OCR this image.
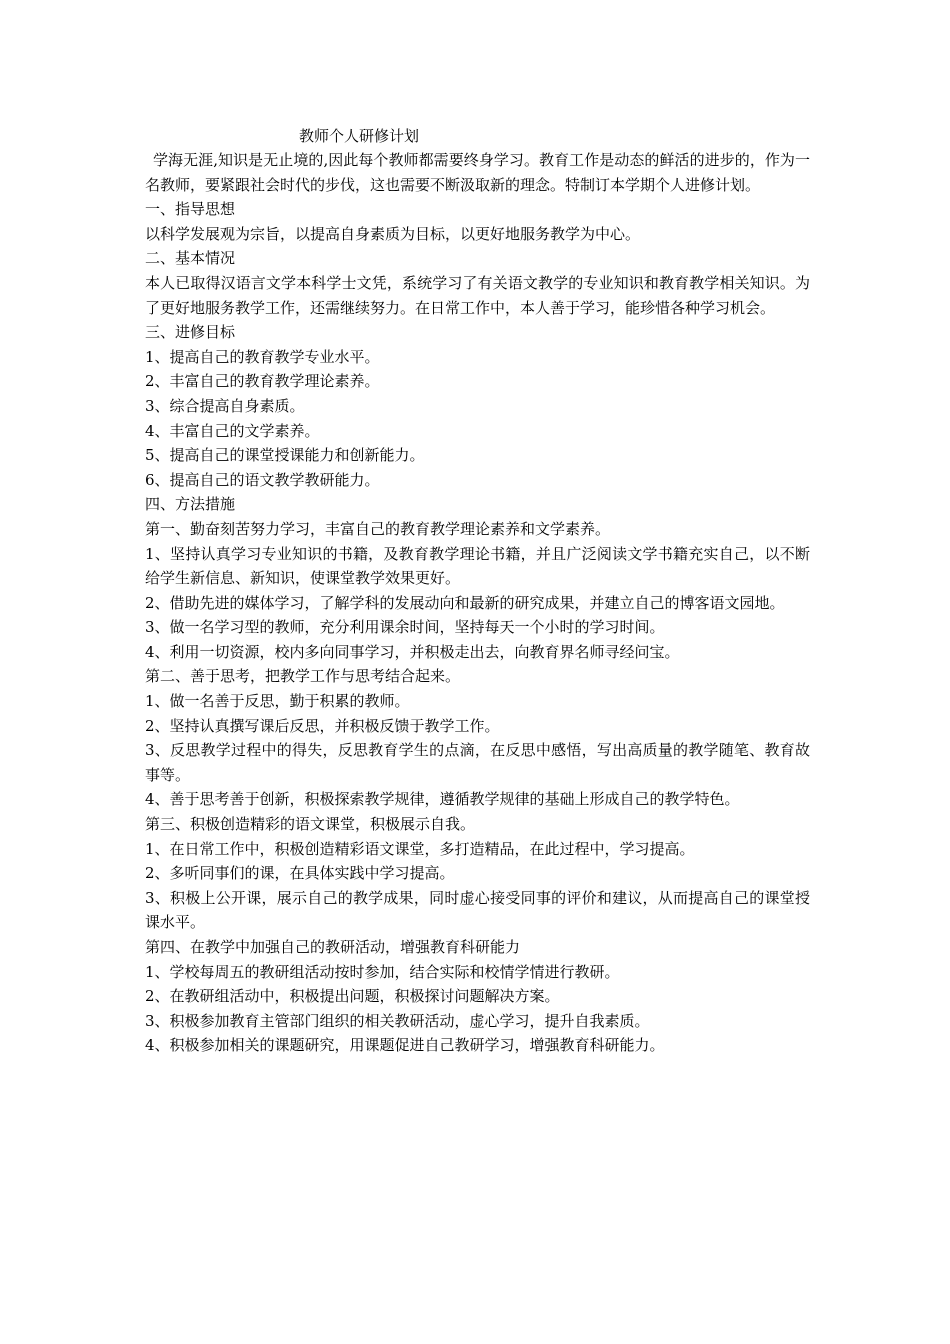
教师个人研修计划

学海无涯,知识是无止境的,因此每个教师都需要终身学习。教育工作是动态的鲜活的进步的，作为一名教师，要紧跟社会时代的步伐，这也需要不断汲取新的理念。特制订本学期个人进修计划。

一、指导思想

以科学发展观为宗旨，以提高自身素质为目标，以更好地服务教学为中心。

二、基本情况

本人已取得汉语言文学本科学士文凭，系统学习了有关语文教学的专业知识和教育教学相关知识。为了更好地服务教学工作，还需继续努力。在日常工作中，本人善于学习，能珍惜各种学习机会。

三、进修目标

1、提高自己的教育教学专业水平。

2、丰富自己的教育教学理论素养。

3、综合提高自身素质。

4、丰富自己的文学素养。

5、提高自己的课堂授课能力和创新能力。

6、提高自己的语文教学教研能力。

四、方法措施

第一、勤奋刻苦努力学习，丰富自己的教育教学理论素养和文学素养。

1、坚持认真学习专业知识的书籍，及教育教学理论书籍，并且广泛阅读文学书籍充实自己，以不断给学生新信息、新知识，使课堂教学效果更好。

2、借助先进的媒体学习，了解学科的发展动向和最新的研究成果，并建立自己的博客语文园地。

3、做一名学习型的教师，充分利用课余时间，坚持每天一个小时的学习时间。

4、利用一切资源，校内多向同事学习，并积极走出去，向教育界名师寻经问宝。

第二、善于思考，把教学工作与思考结合起来。

1、做一名善于反思，勤于积累的教师。

2、坚持认真撰写课后反思，并积极反馈于教学工作。

3、反思教学过程中的得失，反思教育学生的点滴，在反思中感悟，写出高质量的教学随笔、教育故事等。

4、善于思考善于创新，积极探索教学规律，遵循教学规律的基础上形成自己的教学特色。

第三、积极创造精彩的语文课堂，积极展示自我。

1、在日常工作中，积极创造精彩语文课堂，多打造精品，在此过程中，学习提高。

2、多听同事们的课，在具体实践中学习提高。

3、积极上公开课，展示自己的教学成果，同时虚心接受同事的评价和建议，从而提高自己的课堂授课水平。

第四、在教学中加强自己的教研活动，增强教育科研能力

1、学校每周五的教研组活动按时参加，结合实际和校情学情进行教研。

2、在教研组活动中，积极提出问题，积极探讨问题解决方案。

3、积极参加教育主管部门组织的相关教研活动，虚心学习，提升自我素质。

4、积极参加相关的课题研究，用课题促进自己教研学习，增强教育科研能力。
